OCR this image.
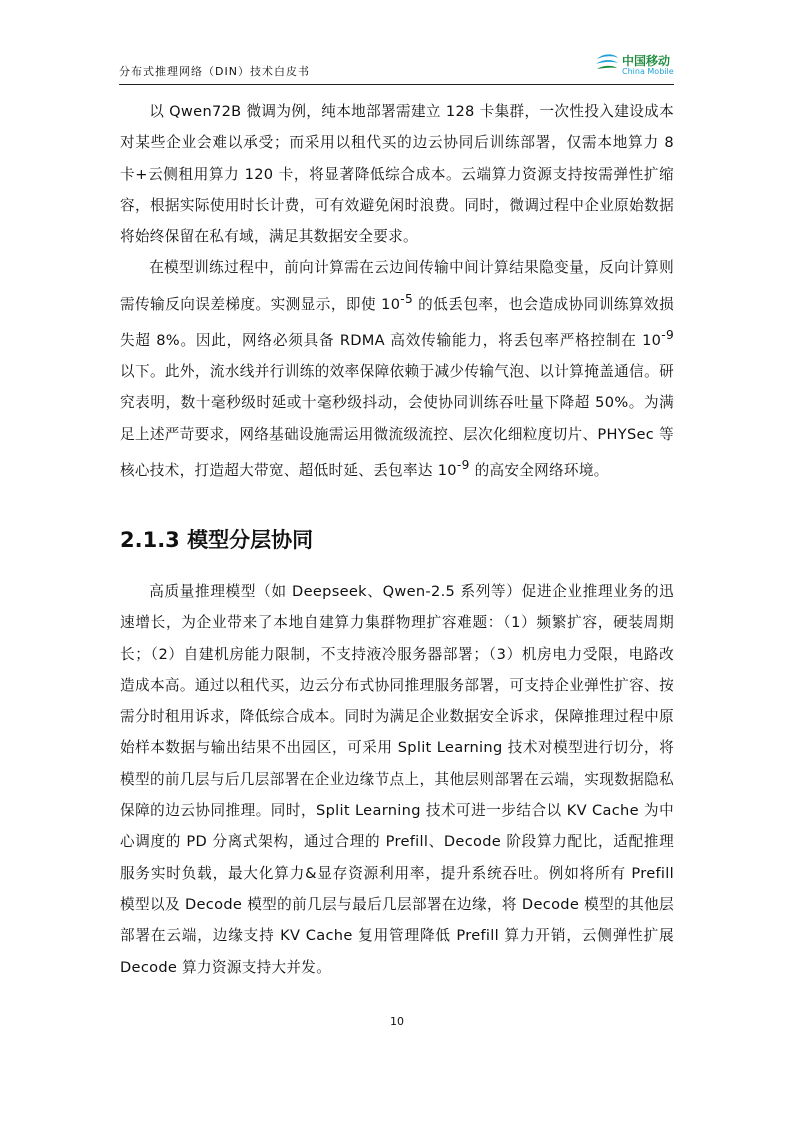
分布式推理网络（DIN）技术白皮书
中国移动
China Mobile

以 Qwen72B 微调为例，纯本地部署需建立 128 卡集群，一次性投入建设成本对某些企业会难以承受；而采用以租代买的边云协同后训练部署，仅需本地算力 8 卡+云侧租用算力 120 卡，将显著降低综合成本。云端算力资源支持按需弹性扩缩容，根据实际使用时长计费，可有效避免闲时浪费。同时，微调过程中企业原始数据将始终保留在私有域，满足其数据安全要求。

在模型训练过程中，前向计算需在云边间传输中间计算结果隐变量，反向计算则需传输反向误差梯度。实测显示，即使 $10^{-5}$ 的低丢包率，也会造成协同训练算效损失超 8%。因此，网络必须具备 RDMA 高效传输能力，将丢包率严格控制在 $10^{-9}$ 以下。此外，流水线并行训练的效率保障依赖于减少传输气泡、以计算掩盖通信。研究表明，数十毫秒级时延或十毫秒级抖动，会使协同训练吞吐量下降超 50%。为满足上述严苛要求，网络基础设施需运用微流级流控、层次化细粒度切片、PHYSec 等核心技术，打造超大带宽、超低时延、丢包率达 $10^{-9}$ 的高安全网络环境。

2.1.3 模型分层协同

高质量推理模型（如 Deepseek、Qwen-2.5 系列等）促进企业推理业务的迅速增长，为企业带来了本地自建算力集群物理扩容难题：（1）频繁扩容，硬装周期长；（2）自建机房能力限制，不支持液冷服务器部署；（3）机房电力受限，电路改造成本高。通过以租代买，边云分布式协同推理服务部署，可支持企业弹性扩容、按需分时租用诉求，降低综合成本。同时为满足企业数据安全诉求，保障推理过程中原始样本数据与输出结果不出园区，可采用 Split Learning 技术对模型进行切分，将模型的前几层与后几层部署在企业边缘节点上，其他层则部署在云端，实现数据隐私保障的边云协同推理。同时，Split Learning 技术可进一步结合以 KV Cache 为中心调度的 PD 分离式架构，通过合理的 Prefill、Decode 阶段算力配比，适配推理服务实时负载，最大化算力&显存资源利用率，提升系统吞吐。例如将所有 Prefill 模型以及 Decode 模型的前几层与最后几层部署在边缘，将 Decode 模型的其他层部署在云端，边缘支持 KV Cache 复用管理降低 Prefill 算力开销，云侧弹性扩展 Decode 算力资源支持大并发。

10
